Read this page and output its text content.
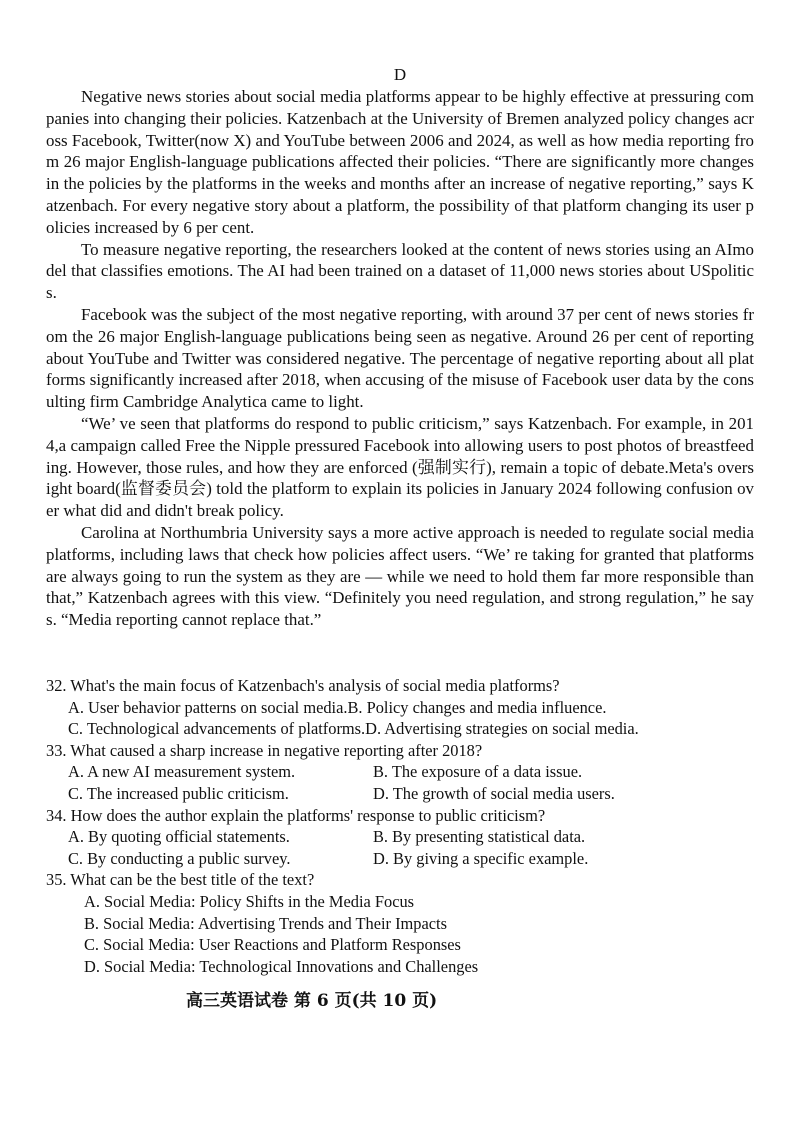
D

Negative news stories about social media platforms appear to be highly effective at pressuring companies into changing their policies. Katzenbach at the University of Bremen analyzed policy changes across Facebook, Twitter(now X) and YouTube between 2006 and 2024, as well as how media reporting from 26 major English-language publications affected their policies. “There are significantly more changes in the policies by the platforms in the weeks and months after an increase of negative reporting,” says Katzenbach. For every negative story about a platform, the possibility of that platform changing its user policies increased by 6 per cent.

To measure negative reporting, the researchers looked at the content of news stories using an AImodel that classifies emotions. The AI had been trained on a dataset of 11,000 news stories about USpolitics.

Facebook was the subject of the most negative reporting, with around 37 per cent of news stories from the 26 major English-language publications being seen as negative. Around 26 per cent of reporting about YouTube and Twitter was considered negative. The percentage of negative reporting about all platforms significantly increased after 2018, when accusing of the misuse of Facebook user data by the consulting firm Cambridge Analytica came to light.

“We’ ve seen that platforms do respond to public criticism,” says Katzenbach. For example, in 2014,a campaign called Free the Nipple pressured Facebook into allowing users to post photos of breastfeeding. However, those rules, and how they are enforced (强制实行), remain a topic of debate.Meta's oversight board(监督委员会) told the platform to explain its policies in January 2024 following confusion over what did and didn't break policy.

Carolina at Northumbria University says a more active approach is needed to regulate social media platforms, including laws that check how policies affect users. “We’ re taking for granted that platforms are always going to run the system as they are — while we need to hold them far more responsible than that,” Katzenbach agrees with this view. “Definitely you need regulation, and strong regulation,” he says. “Media reporting cannot replace that.”

32. What's the main focus of Katzenbach's analysis of social media platforms?

A. User behavior patterns on social media.B. Policy changes and media influence.
C. Technological advancements of platforms.D. Advertising strategies on social media.

33. What caused a sharp increase in negative reporting after 2018?

A. A new AI measurement system.	B. The exposure of a data issue.
C. The increased public criticism.	D. The growth of social media users.

34. How does the author explain the platforms' response to public criticism?

A. By quoting official statements.	B. By presenting statistical data.
C. By conducting a public survey.	D. By giving a specific example.

35. What can be the best title of the text?

A. Social Media: Policy Shifts in the Media Focus
B. Social Media: Advertising Trends and Their Impacts
C. Social Media: User Reactions and Platform Responses
D. Social Media: Technological Innovations and Challenges
高三英语试卷 第 6 页(共 10 页)
